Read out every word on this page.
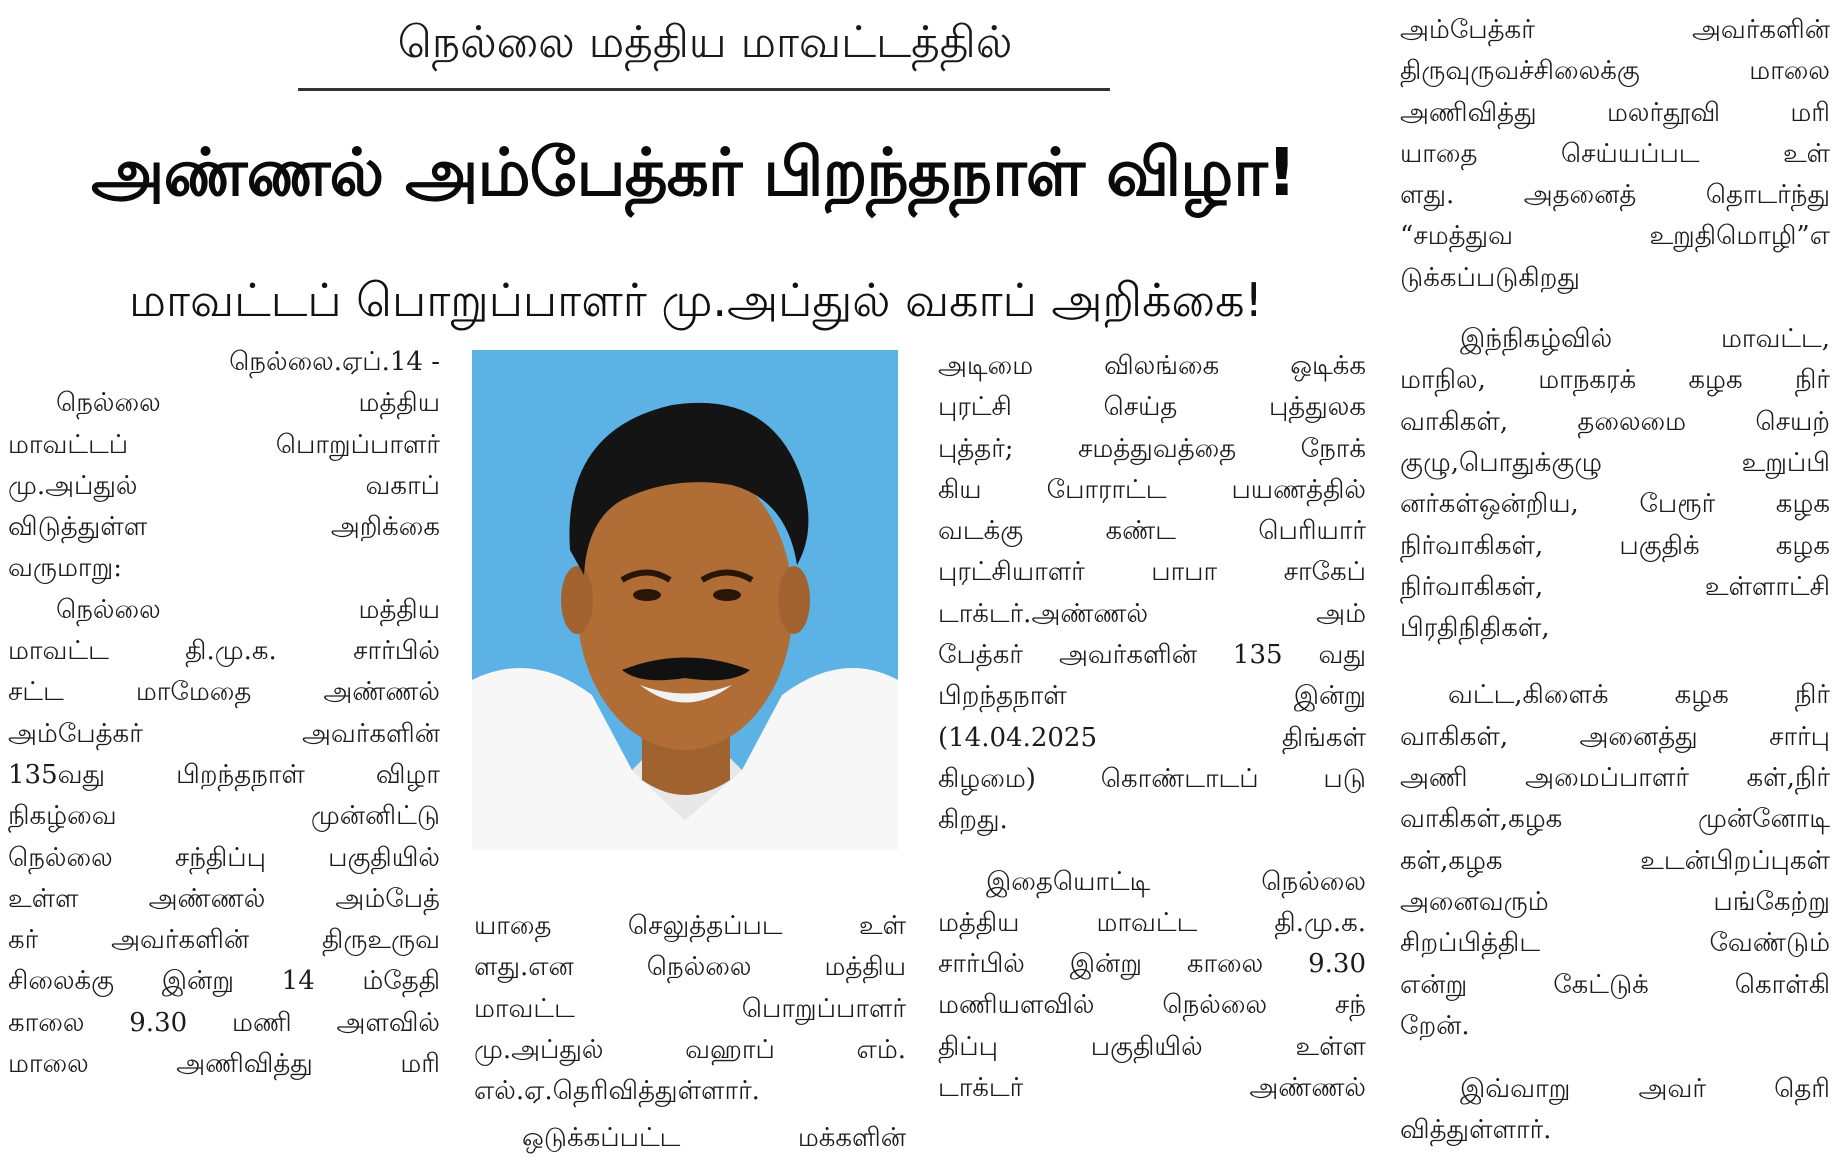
நெல்லை மத்திய மாவட்டத்தில்
அண்ணல் அம்பேத்கர் பிறந்தநாள் விழா!
மாவட்டப் பொறுப்பாளர் மு.அப்துல் வகாப் அறிக்கை!

நெல்லை.ஏப்.14 -

நெல்லை மத்திய

மாவட்டப் பொறுப்பாளர்

மு.அப்துல் வகாப்

விடுத்துள்ள அறிக்கை

வருமாறு:

நெல்லை மத்திய

மாவட்ட தி.மு.க. சார்பில்

சட்ட மாமேதை அண்ணல்

அம்பேத்கர் அவர்களின்

135வது பிறந்தநாள் விழா

நிகழ்வை முன்னிட்டு

நெல்லை சந்திப்பு பகுதியில்

உள்ள அண்ணல் அம்பேத்

கர் அவர்களின் திருஉருவ

சிலைக்கு இன்று 14 ம்தேதி

காலை 9.30 மணி அளவில்

மாலை அணிவித்து மரி

யாதை செலுத்தப்பட உள்

ளது.என நெல்லை மத்திய

மாவட்ட பொறுப்பாளர்

மு.அப்துல் வஹாப் எம்.

எல்.ஏ.தெரிவித்துள்ளார்.

ஒடுக்கப்பட்ட மக்களின்

அடிமை விலங்கை ஒடிக்க

புரட்சி செய்த புத்துலக

புத்தர்; சமத்துவத்தை நோக்

கிய போராட்ட பயணத்தில்

வடக்கு கண்ட பெரியார்

புரட்சியாளர் பாபா சாகேப்

டாக்டர்.அண்ணல் அம்

பேத்கர் அவர்களின் 135 வது

பிறந்தநாள் இன்று

(14.04.2025 திங்கள்

கிழமை) கொண்டாடப் படு

கிறது.

இதையொட்டி நெல்லை

மத்திய மாவட்ட தி.மு.க.

சார்பில் இன்று காலை 9.30

மணியளவில் நெல்லை சந்

திப்பு பகுதியில் உள்ள

டாக்டர் அண்ணல்

அம்பேத்கர் அவர்களின்

திருவுருவச்சிலைக்கு மாலை

அணிவித்து மலர்தூவி மரி

யாதை செய்யப்பட உள்

ளது. அதனைத் தொடர்ந்து

“சமத்துவ உறுதிமொழி”எ

டுக்கப்படுகிறது

இந்நிகழ்வில் மாவட்ட,

மாநில, மாநகரக் கழக நிர்

வாகிகள், தலைமை செயற்

குழு,பொதுக்குழு உறுப்பி

னர்கள்ஒன்றிய, பேரூர் கழக

நிர்வாகிகள், பகுதிக் கழக

நிர்வாகிகள், உள்ளாட்சி

பிரதிநிதிகள்,

வட்ட,கிளைக் கழக நிர்

வாகிகள், அனைத்து சார்பு

அணி அமைப்பாளர் கள்,நிர்

வாகிகள்,கழக முன்னோடி

கள்,கழக உடன்பிறப்புகள்

அனைவரும் பங்கேற்று

சிறப்பித்திட வேண்டும்

என்று கேட்டுக் கொள்கி

றேன்.

இவ்வாறு அவர் தெரி

வித்துள்ளார்.
